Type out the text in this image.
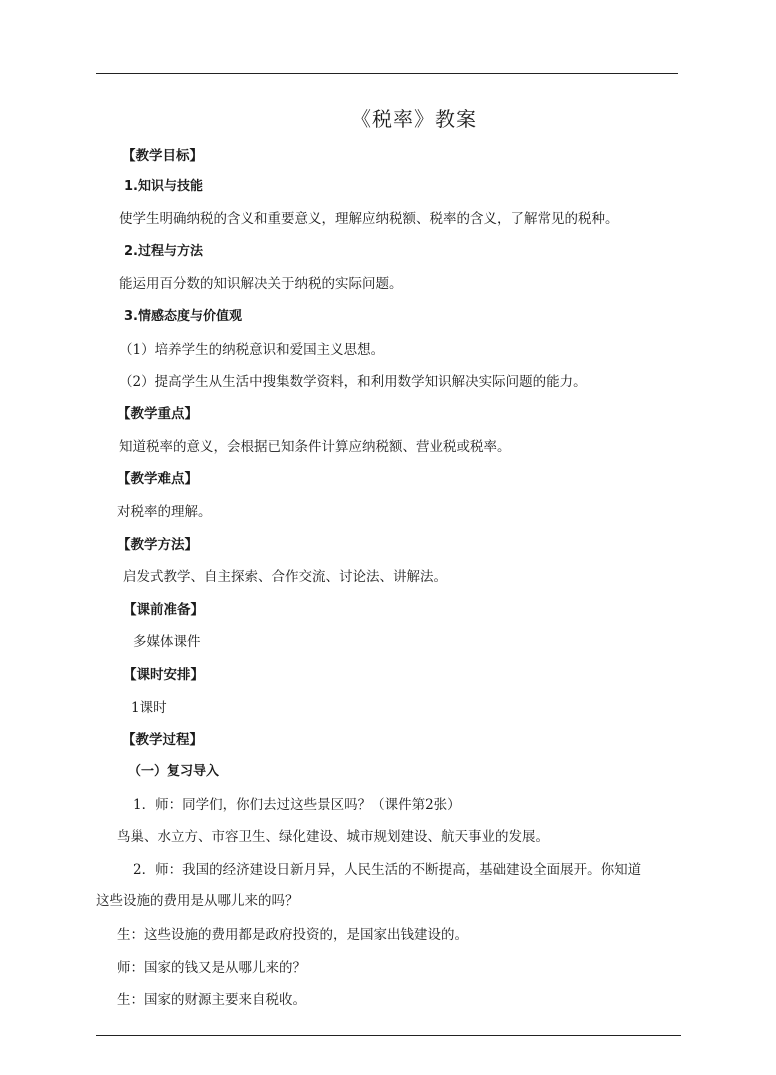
《税率》教案
【教学目标】
1.知识与技能
使学生明确纳税的含义和重要意义，理解应纳税额、税率的含义，了解常见的税种。
2.过程与方法
能运用百分数的知识解决关于纳税的实际问题。
3.情感态度与价值观
（1）培养学生的纳税意识和爱国主义思想。
（2）提高学生从生活中搜集数学资料，和利用数学知识解决实际问题的能力。
【教学重点】
知道税率的意义，会根据已知条件计算应纳税额、营业税或税率。
【教学难点】
对税率的理解。
【教学方法】
启发式教学、自主探索、合作交流、讨论法、讲解法。
【课前准备】
多媒体课件
【课时安排】
1课时
【教学过程】
（一）复习导入
1．师：同学们，你们去过这些景区吗？（课件第2张）
鸟巢、水立方、市容卫生、绿化建设、城市规划建设、航天事业的发展。
2．师：我国的经济建设日新月异，人民生活的不断提高，基础建设全面展开。你知道
这些设施的费用是从哪儿来的吗？
生：这些设施的费用都是政府投资的，是国家出钱建设的。
师：国家的钱又是从哪儿来的？
生：国家的财源主要来自税收。
